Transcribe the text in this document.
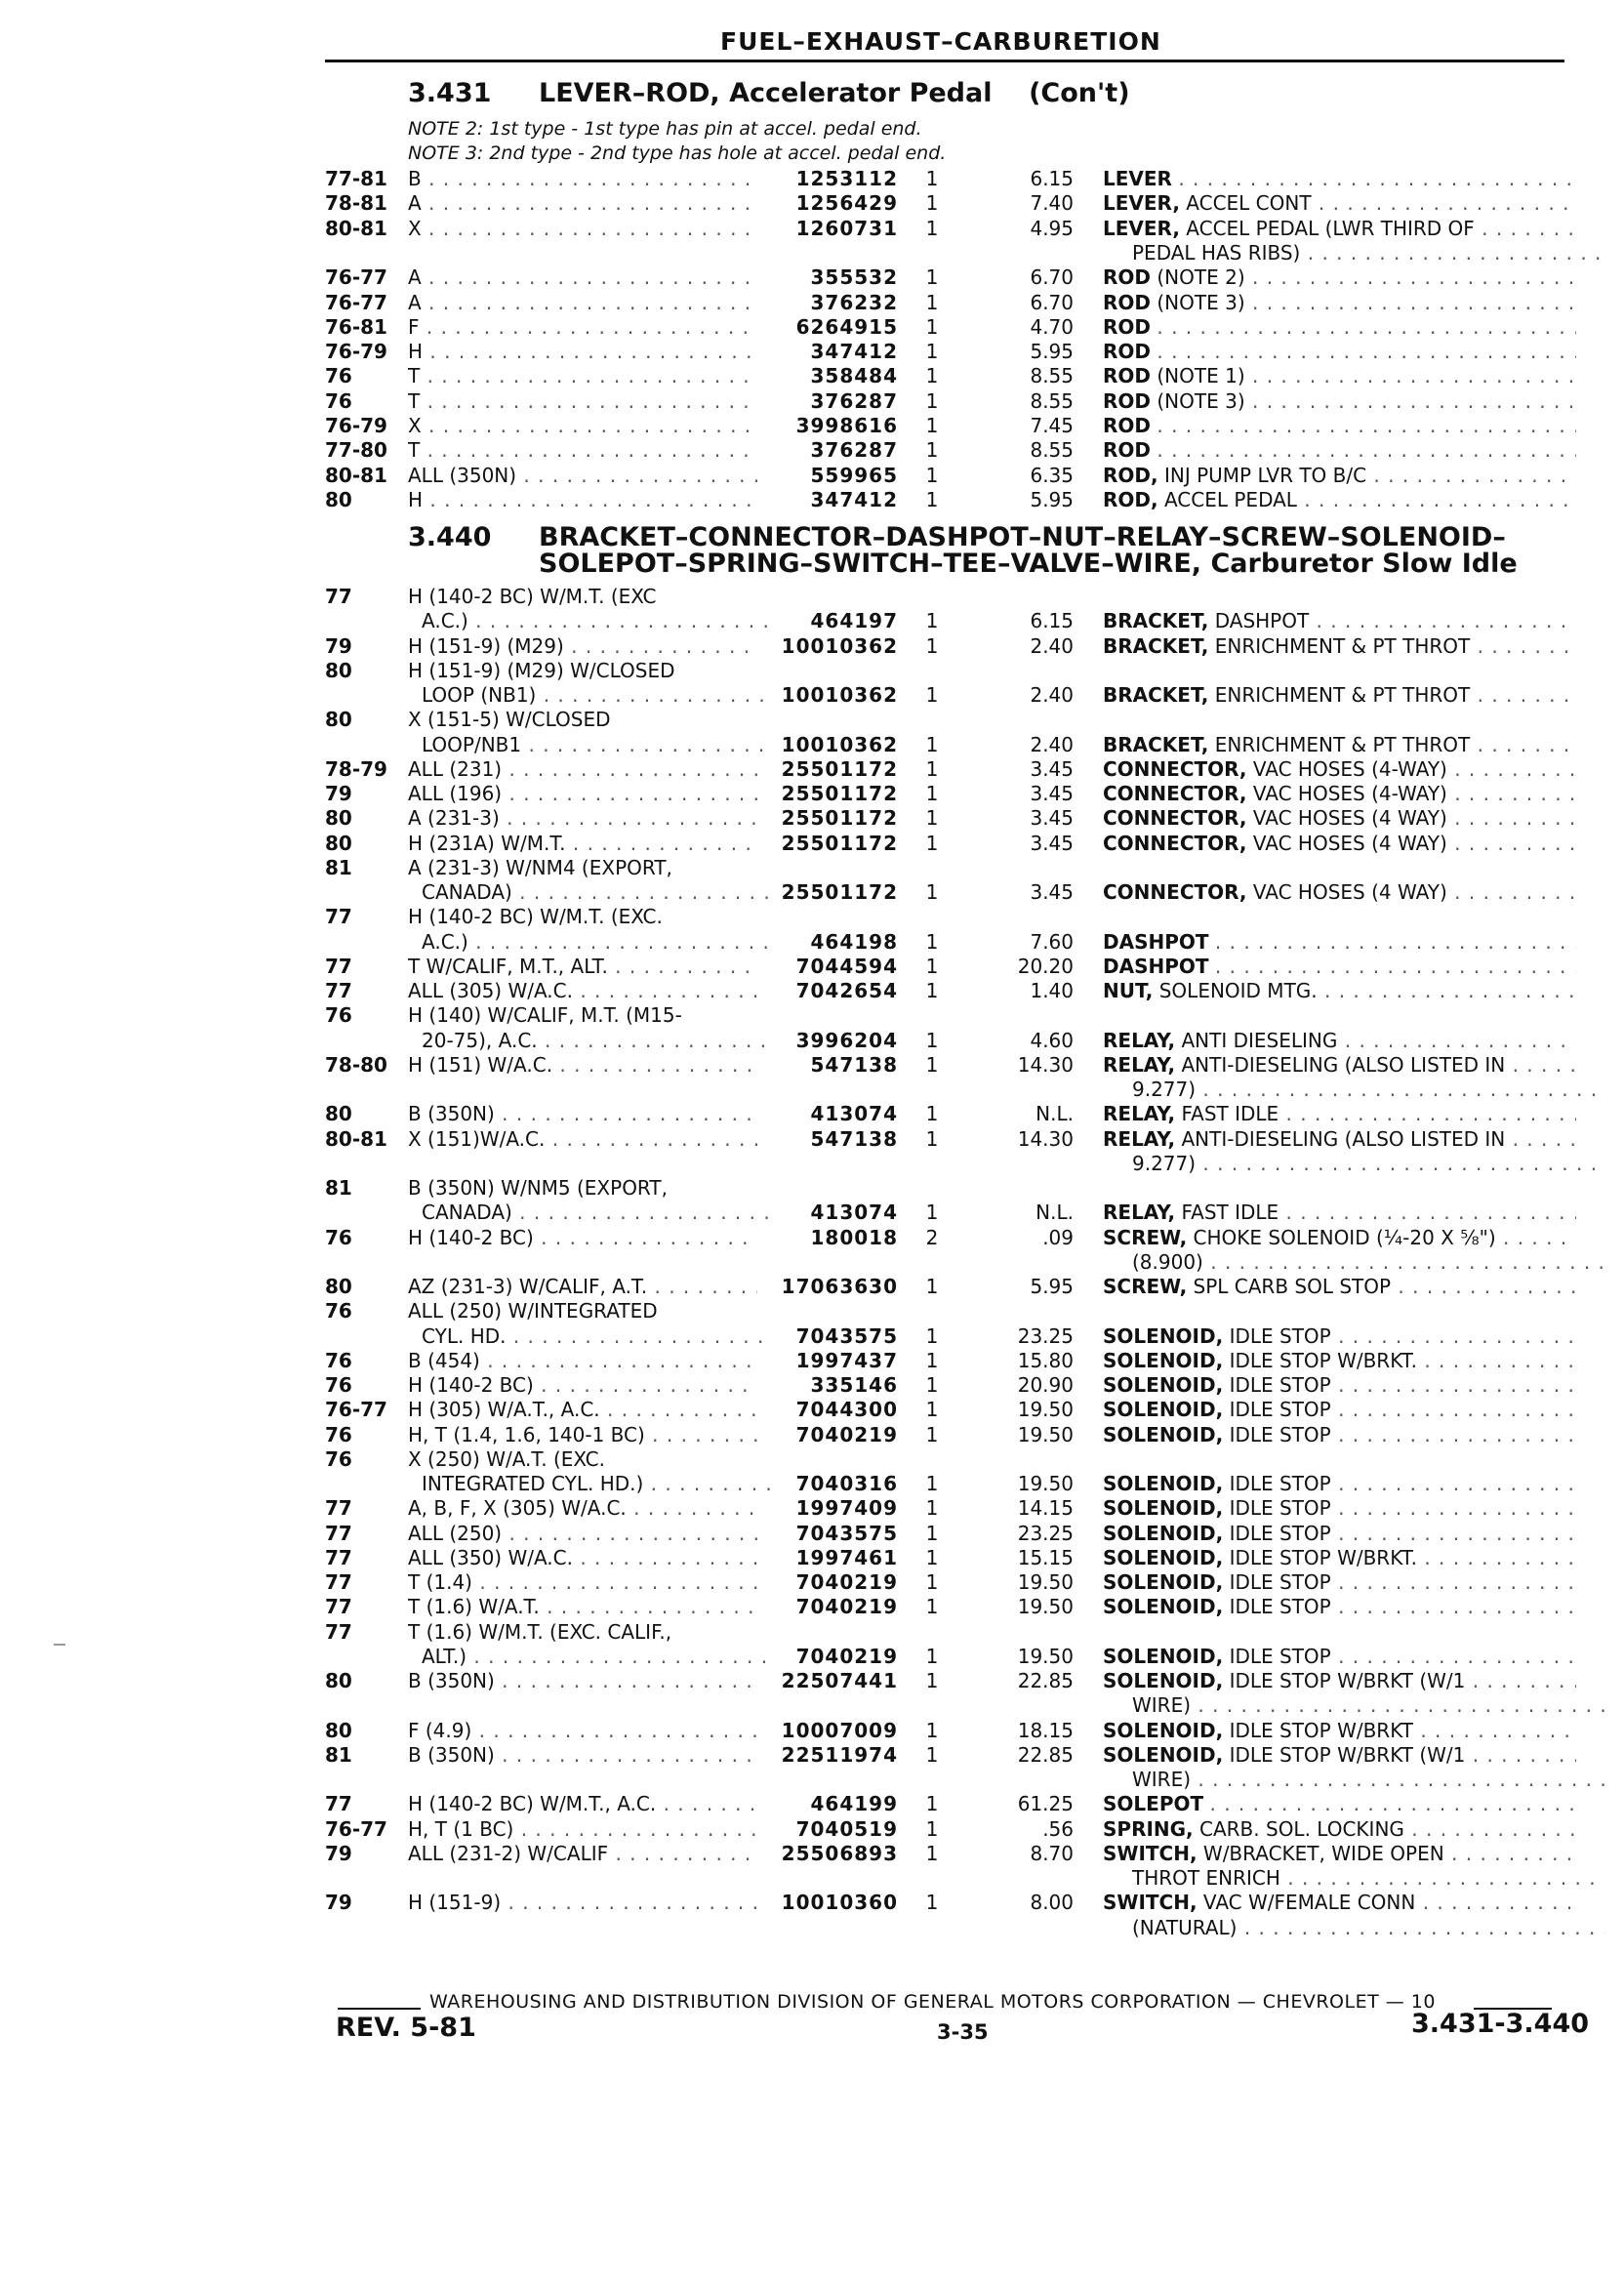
FUEL–EXHAUST–CARBURETION
3.431 LEVER–ROD, Accelerator Pedal (Con't)
NOTE 2: 1st type - 1st type has pin at accel. pedal end.
NOTE 3: 2nd type - 2nd type has hole at accel. pedal end.
77-81 B . . .	1253112 1	6.15 LEVER . . .
78-81 A . . .	1256429 1	7.40 LEVER, ACCEL CONT . . .
80-81 X . . .	1260731 1	4.95 LEVER, ACCEL PEDAL (LWR THIRD OF . . .
PEDAL HAS RIBS) . . .
76-77 A . . .	355532 1	6.70 ROD (NOTE 2) . . .
76-77 A . . .	376232 1	6.70 ROD (NOTE 3) . . .
76-81 F . . .	6264915 1	4.70 ROD . . .
76-79 H . . .	347412 1	5.95 ROD . . .
76	T . . .	358484 1	8.55 ROD (NOTE 1) . . .
76	T . . .	376287 1	8.55 ROD (NOTE 3) . . .
76-79 X . . .	3998616 1	7.45 ROD . . .
77-80 T . . .	376287 1	8.55 ROD . . .
80-81 ALL (350N) . . .	559965 1	6.35 ROD, INJ PUMP LVR TO B/C . . .
80	H . . .	347412 1	5.95 ROD, ACCEL PEDAL . . .
3.440 BRACKET–CONNECTOR–DASHPOT–NUT–RELAY–SCREW–SOLENOID–
SOLEPOT–SPRING–SWITCH–TEE–VALVE–WIRE, Carburetor Slow Idle
77	H (140-2 BC) W/M.T. (EXC
A.C.) . . .	464197 1	6.15 BRACKET, DASHPOT . . .
79	H (151-9) (M29) . . .	10010362 1	2.40 BRACKET, ENRICHMENT & PT THROT . . .
80	H (151-9) (M29) W/CLOSED
LOOP (NB1) . . .	10010362 1	2.40 BRACKET, ENRICHMENT & PT THROT . . .
80	X (151-5) W/CLOSED
LOOP/NB1 . . .	10010362 1	2.40 BRACKET, ENRICHMENT & PT THROT . . .
78-79 ALL (231) . . .	25501172 1	3.45 CONNECTOR, VAC HOSES (4-WAY) . . .
79	ALL (196) . . .	25501172 1	3.45 CONNECTOR, VAC HOSES (4-WAY) . . .
80	A (231-3) . . .	25501172 1	3.45 CONNECTOR, VAC HOSES (4 WAY) . . .
80	H (231A) W/M.T. . . .	25501172 1	3.45 CONNECTOR, VAC HOSES (4 WAY) . . .
81	A (231-3) W/NM4 (EXPORT,
CANADA) . . .	25501172 1	3.45 CONNECTOR, VAC HOSES (4 WAY) . . .
77	H (140-2 BC) W/M.T. (EXC.
A.C.) . . .	464198 1	7.60 DASHPOT . . .
77	T W/CALIF, M.T., ALT. . . .	7044594 1	20.20 DASHPOT . . .
77	ALL (305) W/A.C. . . .	7042654 1	1.40 NUT, SOLENOID MTG. . . .
76	H (140) W/CALIF, M.T. (M15-
20-75), A.C. . . .	3996204 1	4.60 RELAY, ANTI DIESELING . . .
78-80 H (151) W/A.C. . . .	547138 1	14.30 RELAY, ANTI-DIESELING (ALSO LISTED IN . . .
9.277) . . .
80	B (350N) . . .	413074 1	N.L. RELAY, FAST IDLE . . .
80-81 X (151)W/A.C. . . .	547138 1	14.30 RELAY, ANTI-DIESELING (ALSO LISTED IN . . .
9.277) . . .
81	B (350N) W/NM5 (EXPORT,
CANADA) . . .	413074 1	N.L. RELAY, FAST IDLE . . .
76	H (140-2 BC) . . .	180018 2	.09 SCREW, CHOKE SOLENOID (¼-20 X ⅝") . . .
(8.900) . . .
80	AZ (231-3) W/CALIF, A.T. . . .	17063630 1	5.95 SCREW, SPL CARB SOL STOP . . .
76	ALL (250) W/INTEGRATED
CYL. HD. . . .	7043575 1	23.25 SOLENOID, IDLE STOP . . .
76	B (454) . . .	1997437 1	15.80 SOLENOID, IDLE STOP W/BRKT. . . .
76	H (140-2 BC) . . .	335146 1	20.90 SOLENOID, IDLE STOP . . .
76-77 H (305) W/A.T., A.C. . . .	7044300 1	19.50 SOLENOID, IDLE STOP . . .
76	H, T (1.4, 1.6, 140-1 BC) . . .	7040219 1	19.50 SOLENOID, IDLE STOP . . .
76	X (250) W/A.T. (EXC.
INTEGRATED CYL. HD.) . . .	7040316 1	19.50 SOLENOID, IDLE STOP . . .
77	A, B, F, X (305) W/A.C. . . .	1997409 1	14.15 SOLENOID, IDLE STOP . . .
77	ALL (250) . . .	7043575 1	23.25 SOLENOID, IDLE STOP . . .
77	ALL (350) W/A.C. . . .	1997461 1	15.15 SOLENOID, IDLE STOP W/BRKT. . . .
77	T (1.4) . . .	7040219 1	19.50 SOLENOID, IDLE STOP . . .
77	T (1.6) W/A.T. . . .	7040219 1	19.50 SOLENOID, IDLE STOP . . .
77	T (1.6) W/M.T. (EXC. CALIF.,
ALT.) . . .	7040219 1	19.50 SOLENOID, IDLE STOP . . .
80	B (350N) . . .	22507441 1	22.85 SOLENOID, IDLE STOP W/BRKT (W/1 . . .
WIRE) . . .
80	F (4.9) . . .	10007009 1	18.15 SOLENOID, IDLE STOP W/BRKT . . .
81	B (350N) . . .	22511974 1	22.85 SOLENOID, IDLE STOP W/BRKT (W/1 . . .
WIRE) . . .
77	H (140-2 BC) W/M.T., A.C. . . .	464199 1	61.25 SOLEPOT . . .
76-77 H, T (1 BC) . . .	7040519 1	.56 SPRING, CARB. SOL. LOCKING . . .
79	ALL (231-2) W/CALIF . . .	25506893 1	8.70 SWITCH, W/BRACKET, WIDE OPEN . . .
THROT ENRICH . . .
79	H (151-9) . . .	10010360 1	8.00 SWITCH, VAC W/FEMALE CONN . . .
(NATURAL) . . .
WAREHOUSING AND DISTRIBUTION DIVISION OF GENERAL MOTORS CORPORATION — CHEVROLET — 10
REV. 5-81	3-35	3.431-3.440
